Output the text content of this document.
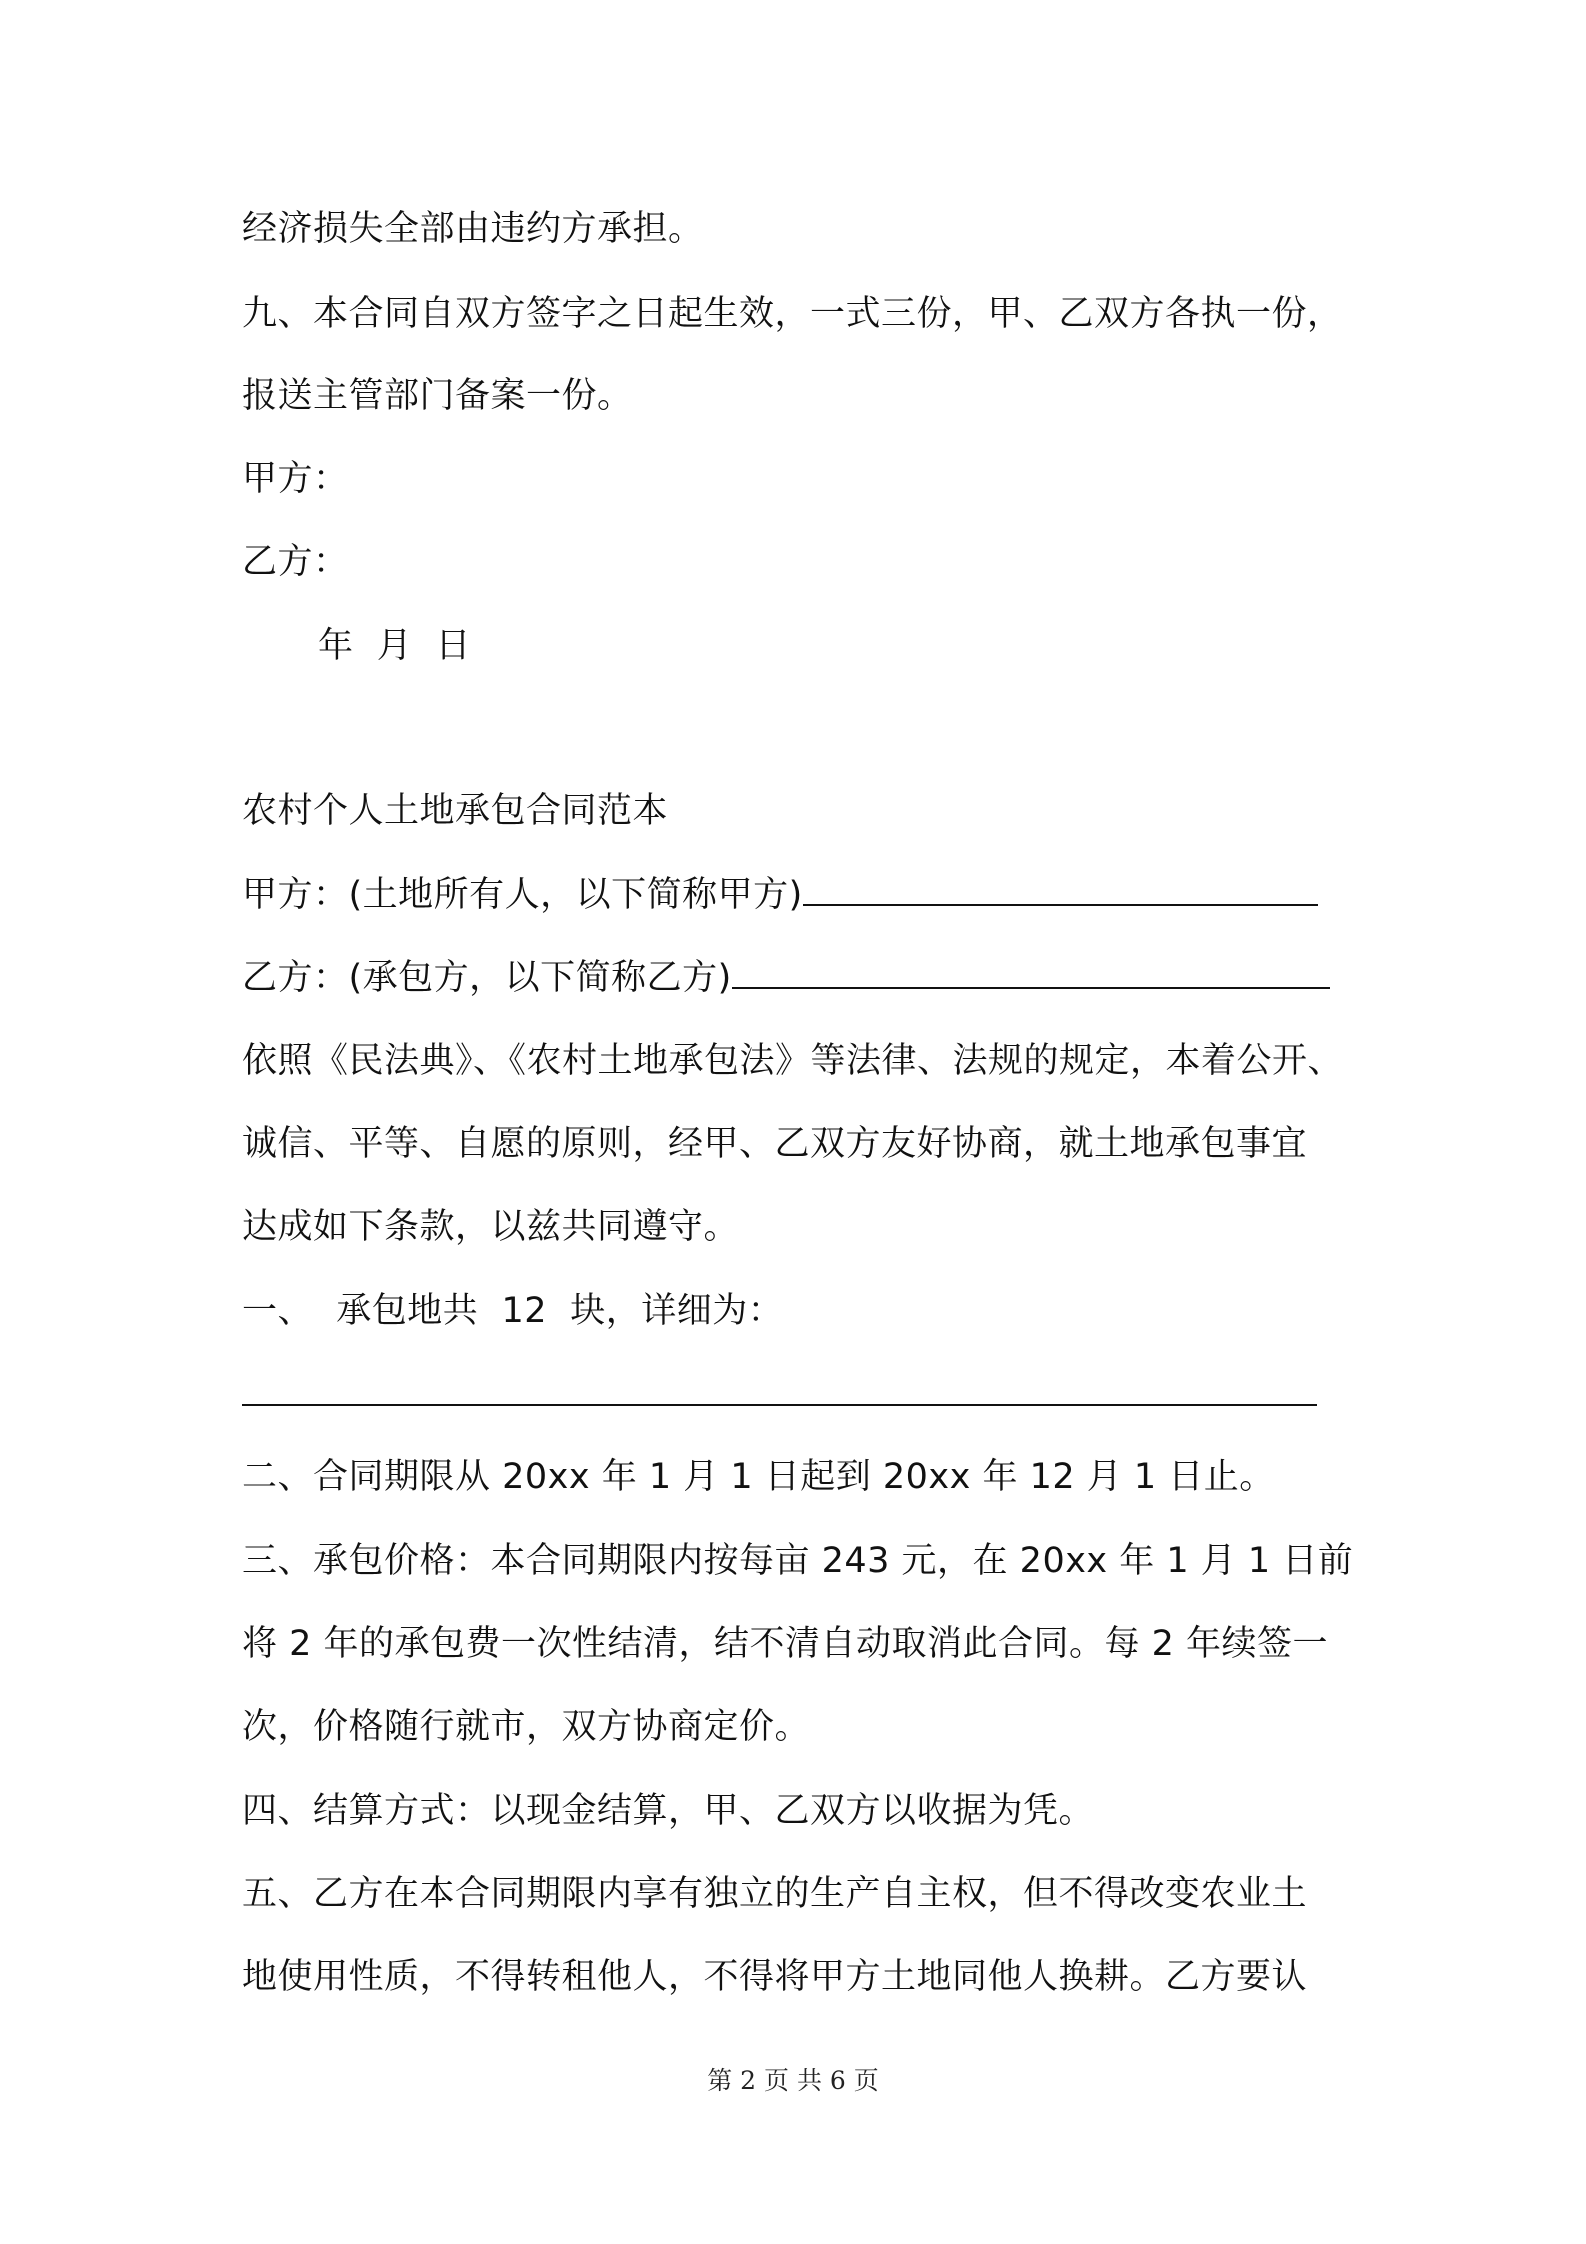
经济损失全部由违约方承担。
九、本合同自双方签字之日起生效，一式三份，甲、乙双方各执一份，
报送主管部门备案一份。
甲方：
乙方：
年  月  日
农村个人土地承包合同范本
甲方：(土地所有人，以下简称甲方)
乙方：(承包方，以下简称乙方)
依照《民法典》、《农村土地承包法》等法律、法规的规定，本着公开、
诚信、平等、自愿的原则，经甲、乙双方友好协商，就土地承包事宜
达成如下条款，以兹共同遵守。
一、  承包地共  12  块，详细为：
二、合同期限从 20xx 年 1 月 1 日起到 20xx 年 12 月 1 日止。
三、承包价格：本合同期限内按每亩 243 元，在 20xx 年 1 月 1 日前
将 2 年的承包费一次性结清，结不清自动取消此合同。每 2 年续签一
次，价格随行就市，双方协商定价。
四、结算方式：以现金结算，甲、乙双方以收据为凭。
五、乙方在本合同期限内享有独立的生产自主权，但不得改变农业土
地使用性质，不得转租他人，不得将甲方土地同他人换耕。乙方要认
第 2 页 共 6 页
